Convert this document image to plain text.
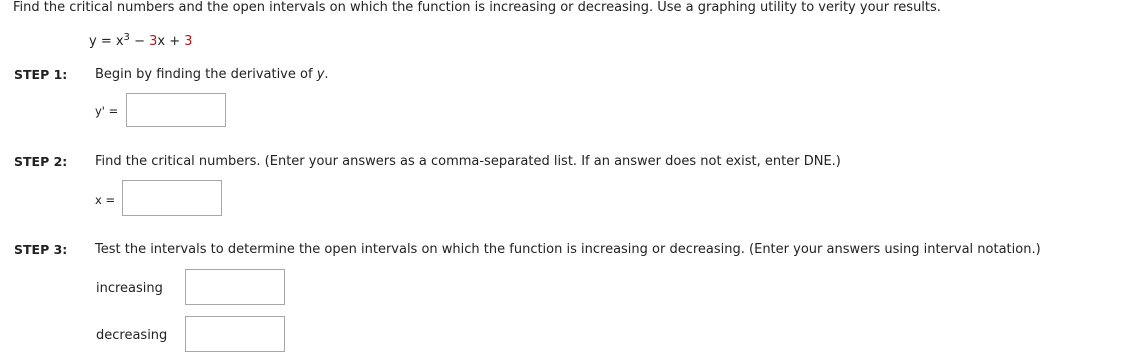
Find the critical numbers and the open intervals on which the function is increasing or decreasing. Use a graphing utility to verity your results.
$y = x^3 - 3x + 3$
STEP 1: Begin by finding the derivative of y.
y' =
STEP 2: Find the critical numbers. (Enter your answers as a comma-separated list. If an answer does not exist, enter DNE.)
x =
STEP 3: Test the intervals to determine the open intervals on which the function is increasing or decreasing. (Enter your answers using interval notation.)
increasing
decreasing
